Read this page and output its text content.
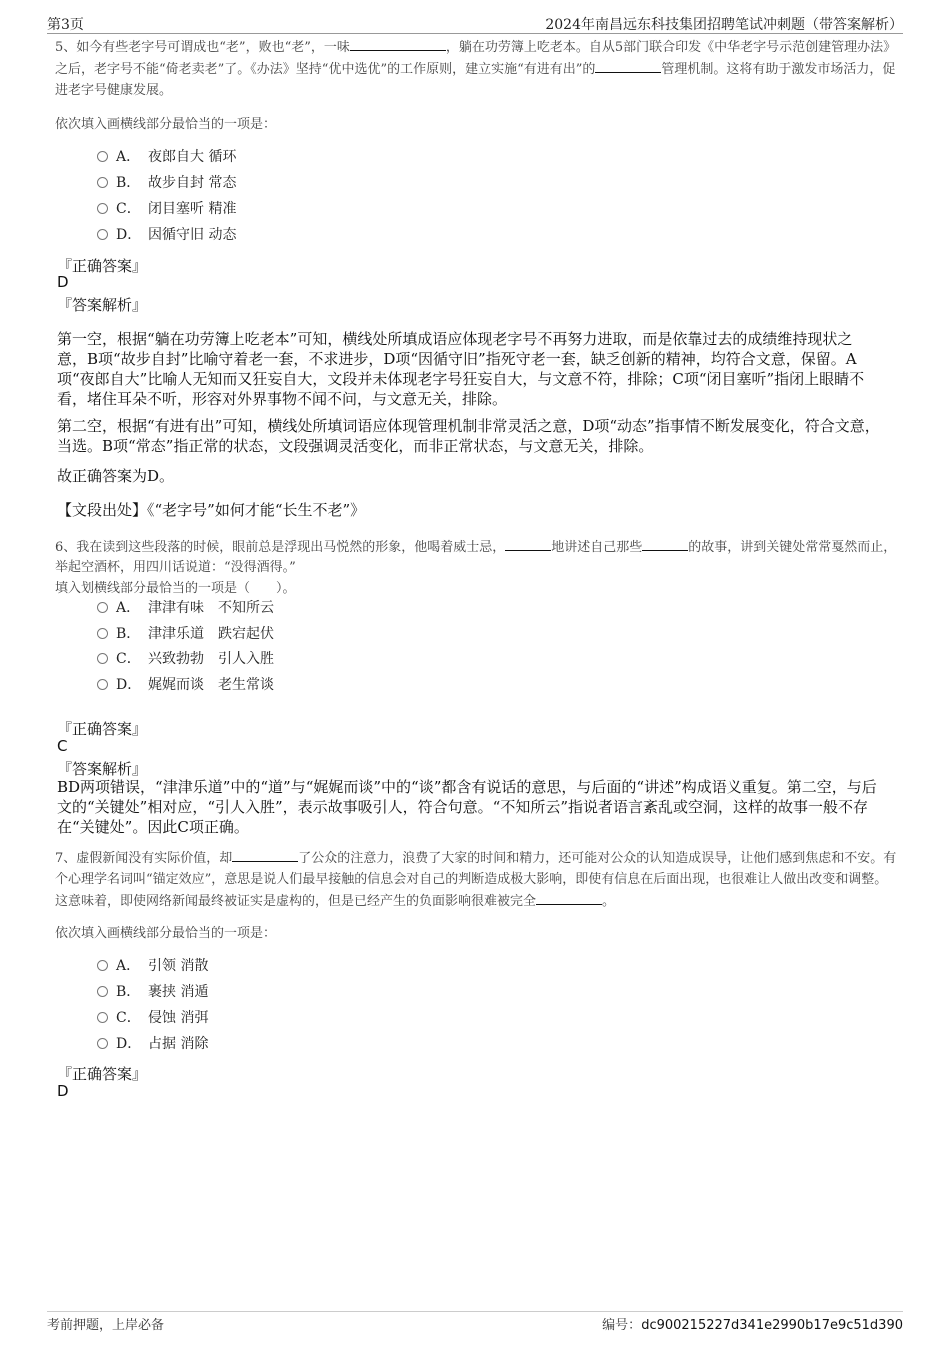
第3页	2024年南昌远东科技集团招聘笔试冲刺题（带答案解析）
5、如今有些老字号可谓成也“老”，败也“老”，一味	，躺在功劳簿上吃老本。自从5部门联合印发《中华老字号示范创建管理办法》之后，老字号不能“倚老卖老”了。《办法》坚持“优中选优”的工作原则，建立实施“有进有出”的	管理机制。这将有助于激发市场活力，促进老字号健康发展。
依次填入画横线部分最恰当的一项是：
A． 夜郎自大 循环
B． 故步自封 常态
C． 闭目塞听 精准
D． 因循守旧 动态
『正确答案』
D
『答案解析』
第一空，根据“躺在功劳簿上吃老本”可知，横线处所填成语应体现老字号不再努力进取，而是依靠过去的成绩维持现状之意，B项“故步自封”比喻守着老一套，不求进步，D项“因循守旧”指死守老一套，缺乏创新的精神，均符合文意，保留。A项“夜郎自大”比喻人无知而又狂妄自大，文段并未体现老字号狂妄自大，与文意不符，排除；C项“闭目塞听”指闭上眼睛不看，堵住耳朵不听，形容对外界事物不闻不问，与文意无关，排除。
第二空，根据“有进有出”可知，横线处所填词语应体现管理机制非常灵活之意，D项“动态”指事情不断发展变化，符合文意，当选。B项“常态”指正常的状态，文段强调灵活变化，而非正常状态，与文意无关，排除。
故正确答案为D。
【文段出处】《“老字号”如何才能“长生不老”》
6、我在读到这些段落的时候，眼前总是浮现出马悦然的形象，他喝着威士忌，	地讲述自己那些	的故事，讲到关键处常常戛然而止，举起空酒杯，用四川话说道：“没得酒得。”
填入划横线部分最恰当的一项是（　　）。
A． 津津有味　不知所云
B． 津津乐道　跌宕起伏
C． 兴致勃勃　引人入胜
D． 娓娓而谈　老生常谈
『正确答案』
C
『答案解析』
BD两项错误，“津津乐道”中的“道”与“娓娓而谈”中的“谈”都含有说话的意思，与后面的“讲述”构成语义重复。第二空，与后文的“关键处”相对应，“引人入胜”，表示故事吸引人，符合句意。“不知所云”指说者语言紊乱或空洞，这样的故事一般不存在“关键处”。因此C项正确。
7、虚假新闻没有实际价值，却	了公众的注意力，浪费了大家的时间和精力，还可能对公众的认知造成误导，让他们感到焦虑和不安。有个心理学名词叫“锚定效应”，意思是说人们最早接触的信息会对自己的判断造成极大影响，即使有信息在后面出现，也很难让人做出改变和调整。这意味着，即使网络新闻最终被证实是虚构的，但是已经产生的负面影响很难被完全	。
依次填入画横线部分最恰当的一项是：
A． 引领 消散
B． 裹挟 消遁
C． 侵蚀 消弭
D． 占据 消除
『正确答案』
D
考前押题，上岸必备	编号：dc900215227d341e2990b17e9c51d390
